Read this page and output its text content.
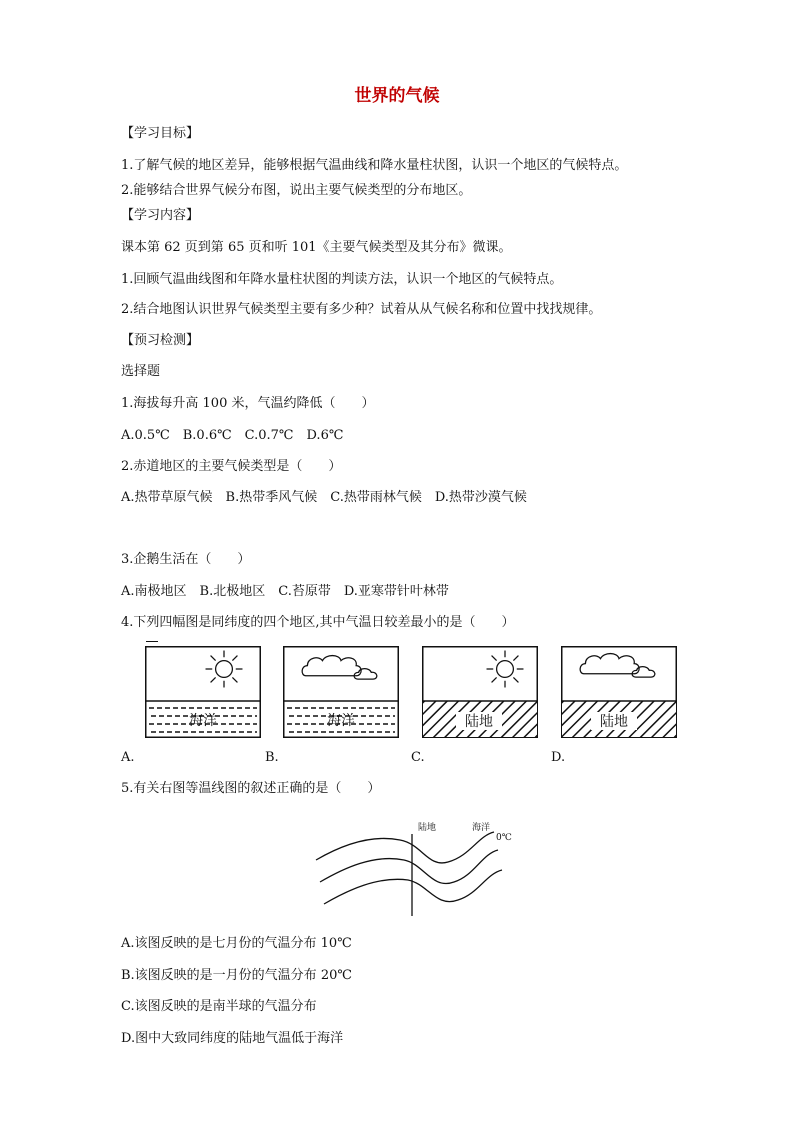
世界的气候
【学习目标】
1.了解气候的地区差异，能够根据气温曲线和降水量柱状图，认识一个地区的气候特点。
2.能够结合世界气候分布图，说出主要气候类型的分布地区。
【学习内容】
课本第 62 页到第 65 页和听 101《主要气候类型及其分布》微课。
1.回顾气温曲线图和年降水量柱状图的判读方法，认识一个地区的气候特点。
2.结合地图认识世界气候类型主要有多少种？试着从从气候名称和位置中找找规律。
【预习检测】
选择题
1.海拔每升高 100 米，气温约降低（　　）
A.0.5℃　B.0.6℃　C.0.7℃　D.6℃
2.赤道地区的主要气候类型是（　　）
A.热带草原气候　B.热带季风气候　C.热带雨林气候　D.热带沙漠气候
3.企鹅生活在（　　）
A.南极地区　B.北极地区　C.苔原带　D.亚寒带针叶林带
4.下列四幅图是同纬度的四个地区,其中气温日较差最小的是（　　）
海洋	海洋	陆地	陆地
A.	B.	C.	D.
5.有关右图等温线图的叙述正确的是（　　）
陆地	海洋
0℃
A.该图反映的是七月份的气温分布 10℃
B.该图反映的是一月份的气温分布 20℃
C.该图反映的是南半球的气温分布
D.图中大致同纬度的陆地气温低于海洋
